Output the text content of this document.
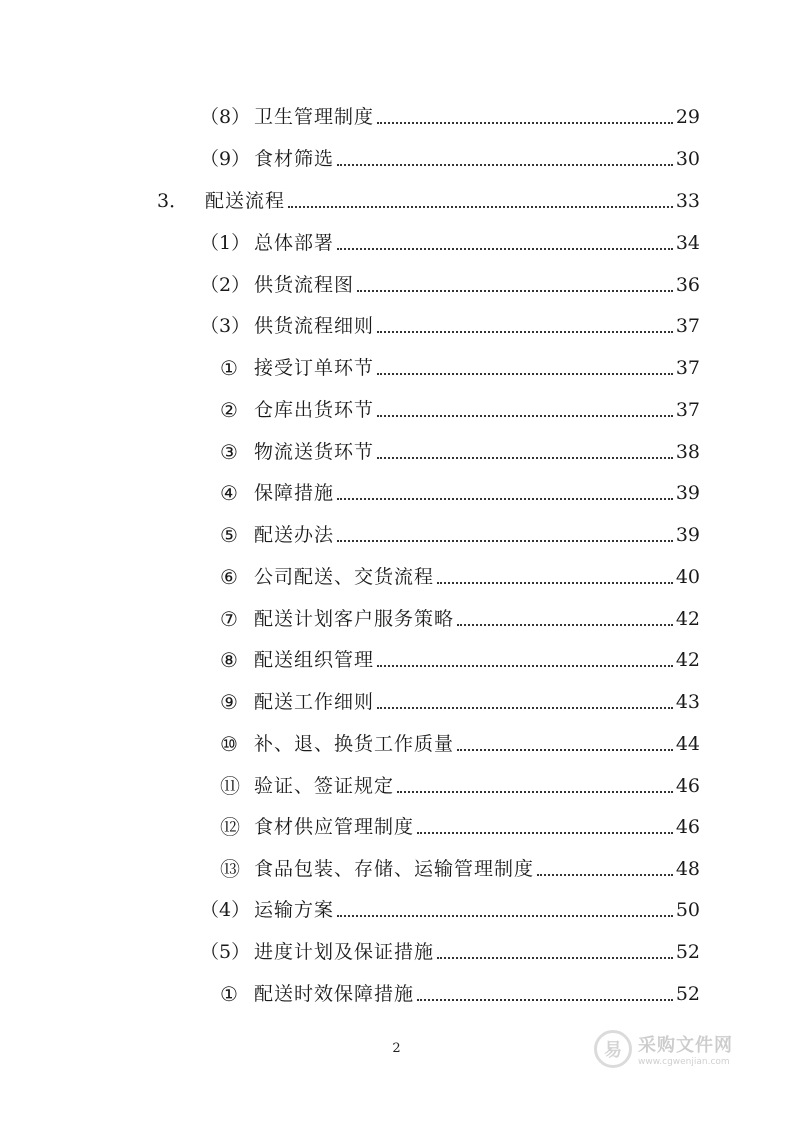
（8） 卫生管理制度	29
（9） 食材筛选	30
3． 配送流程	33
（1） 总体部署	34
（2） 供货流程图	36
（3） 供货流程细则	37
① 接受订单环节	37
② 仓库出货环节	37
③ 物流送货环节	38
④ 保障措施	39
⑤ 配送办法	39
⑥ 公司配送、交货流程	40
⑦ 配送计划客户服务策略	42
⑧ 配送组织管理	42
⑨ 配送工作细则	43
⑩ 补、退、换货工作质量	44
⑪ 验证、签证规定	46
⑫ 食材供应管理制度	46
⑬ 食品包装、存储、运输管理制度	48
（4） 运输方案	50
（5） 进度计划及保证措施	52
① 配送时效保障措施	52
2	易 采购文件网
www.cgwenjian.com
